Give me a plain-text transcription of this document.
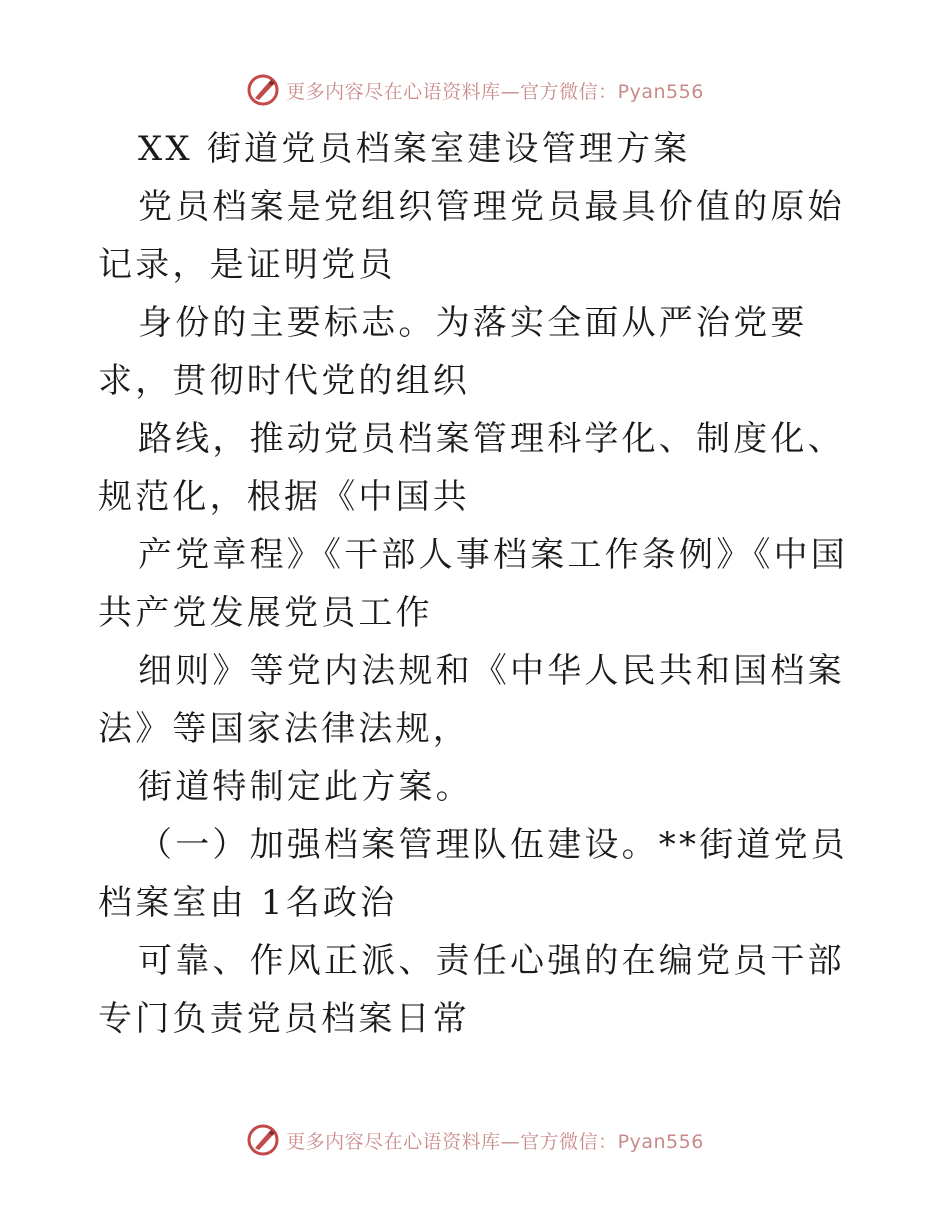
更多内容尽在心语资料库—官方微信：Pyan556

XX 街道党员档案室建设管理方案

党员档案是党组织管理党员最具价值的原始记录，是证明党员

身份的主要标志。为落实全面从严治党要求，贯彻时代党的组织

路线，推动党员档案管理科学化、制度化、规范化，根据《中国共

产党章程》《干部人事档案工作条例》《中国共产党发展党员工作

细则》等党内法规和《中华人民共和国档案法》等国家法律法规，

街道特制定此方案。

（一）加强档案管理队伍建设。**街道党员档案室由 1名政治

可靠、作风正派、责任心强的在编党员干部专门负责党员档案日常

更多内容尽在心语资料库—官方微信：Pyan556
